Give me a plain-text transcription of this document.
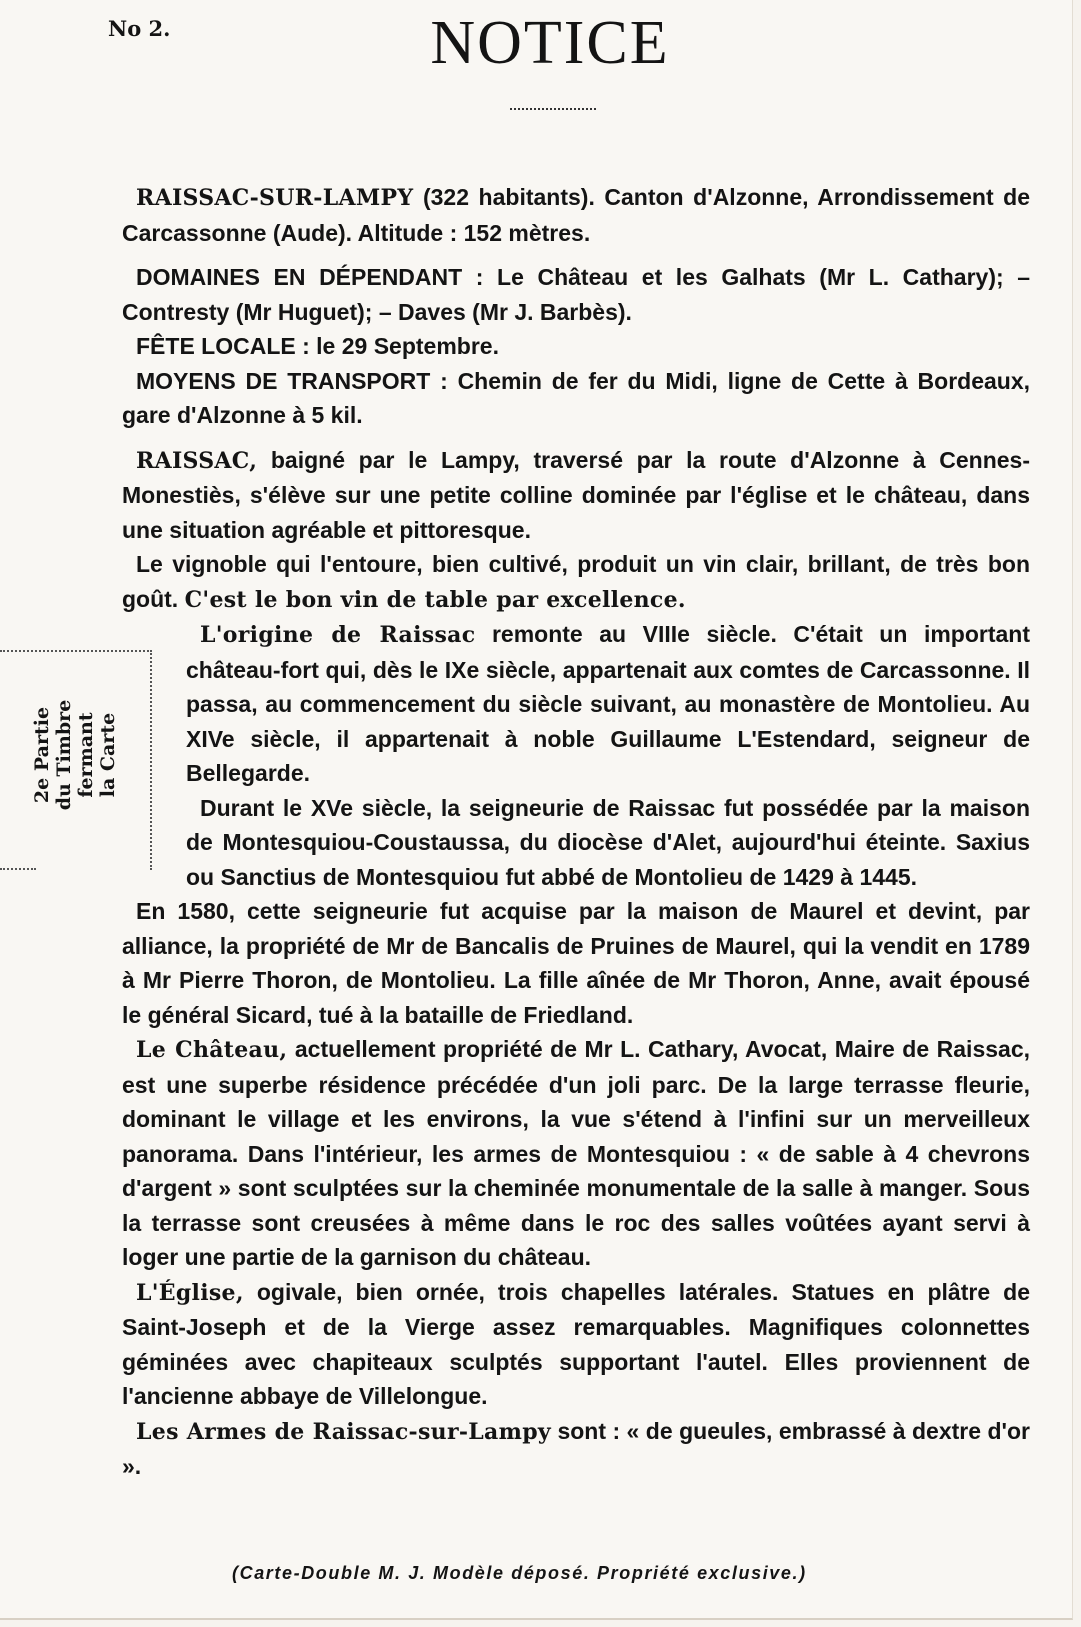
No 2.	NOTICE
2e Partie du Timbre fermant la Carte

RAISSAC-SUR-LAMPY (322 habitants). Canton d'Alzonne, Arrondissement de Carcassonne (Aude). Altitude : 152 mètres.

DOMAINES EN DÉPENDANT : Le Château et les Galhats (Mr L. Cathary); – Contresty (Mr Huguet); – Daves (Mr J. Barbès).

FÊTE LOCALE : le 29 Septembre.

MOYENS DE TRANSPORT : Chemin de fer du Midi, ligne de Cette à Bordeaux, gare d'Alzonne à 5 kil.

RAISSAC, baigné par le Lampy, traversé par la route d'Alzonne à Cennes-Monestiès, s'élève sur une petite colline dominée par l'église et le château, dans une situation agréable et pittoresque.

Le vignoble qui l'entoure, bien cultivé, produit un vin clair, brillant, de très bon goût. C'est le bon vin de table par excellence.

L'origine de Raissac remonte au VIIIe siècle. C'était un important château-fort qui, dès le IXe siècle, appartenait aux comtes de Carcassonne. Il passa, au commencement du siècle suivant, au monastère de Montolieu. Au XIVe siècle, il appartenait à noble Guillaume L'Estendard, seigneur de Bellegarde.

Durant le XVe siècle, la seigneurie de Raissac fut possédée par la maison de Montesquiou-Coustaussa, du diocèse d'Alet, aujourd'hui éteinte. Saxius ou Sanctius de Montesquiou fut abbé de Montolieu de 1429 à 1445.

En 1580, cette seigneurie fut acquise par la maison de Maurel et devint, par alliance, la propriété de Mr de Bancalis de Pruines de Maurel, qui la vendit en 1789 à Mr Pierre Thoron, de Montolieu. La fille aînée de Mr Thoron, Anne, avait épousé le général Sicard, tué à la bataille de Friedland.

Le Château, actuellement propriété de Mr L. Cathary, Avocat, Maire de Raissac, est une superbe résidence précédée d'un joli parc. De la large terrasse fleurie, dominant le village et les environs, la vue s'étend à l'infini sur un merveilleux panorama. Dans l'intérieur, les armes de Montesquiou : « de sable à 4 chevrons d'argent » sont sculptées sur la cheminée monumentale de la salle à manger. Sous la terrasse sont creusées à même dans le roc des salles voûtées ayant servi à loger une partie de la garnison du château.

L'Église, ogivale, bien ornée, trois chapelles latérales. Statues en plâtre de Saint-Joseph et de la Vierge assez remarquables. Magnifiques colonnettes géminées avec chapiteaux sculptés supportant l'autel. Elles proviennent de l'ancienne abbaye de Villelongue.

Les Armes de Raissac-sur-Lampy sont : « de gueules, embrassé à dextre d'or ».

(Carte-Double M. J. Modèle déposé. Propriété exclusive.)
